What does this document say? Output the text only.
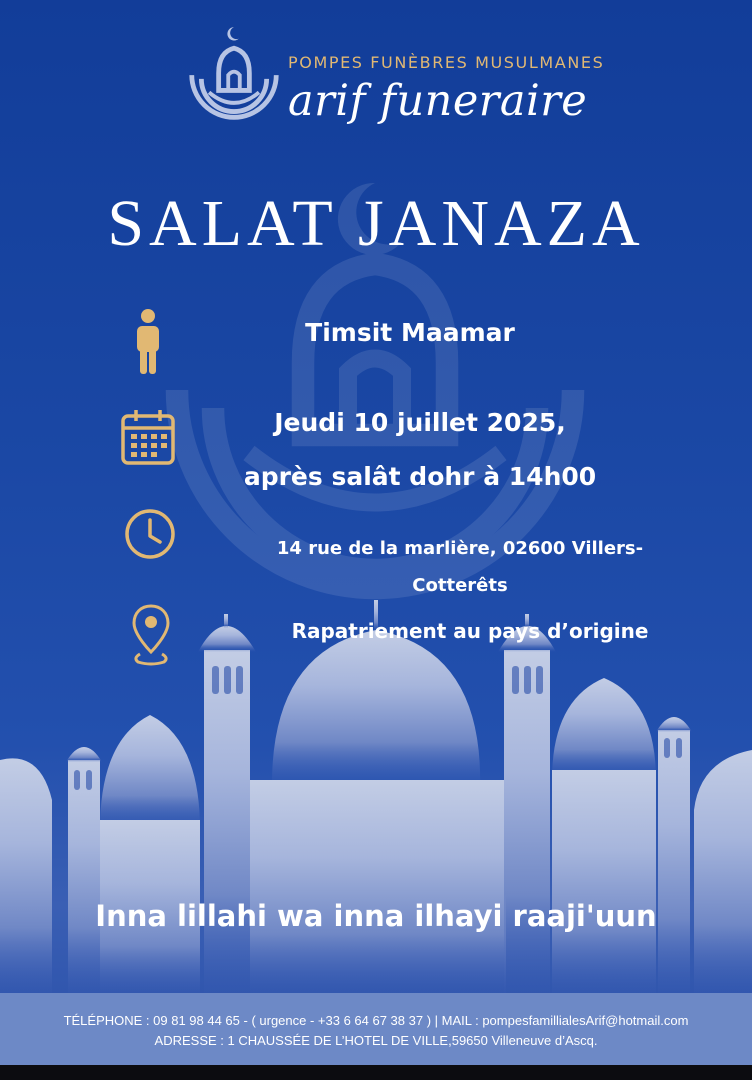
POMPES FUNÈBRES MUSULMANES
arif funeraire
SALAT JANAZA
Timsit Maamar
Jeudi 10 juillet 2025,
après salât dohr à 14h00
14 rue de la marlière, 02600 Villers-
Cotterêts
Rapatriement au pays d’origine
Inna lillahi wa inna ilhayi raaji'uun
TÉLÉPHONE : 09 81 98 44 65 - ( urgence - +33 6 64 67 38 37 ) | MAIL : pompesfamillialesArif@hotmail.com
ADRESSE : 1 CHAUSSÉE DE L’HOTEL DE VILLE,59650 Villeneuve d’Ascq.
